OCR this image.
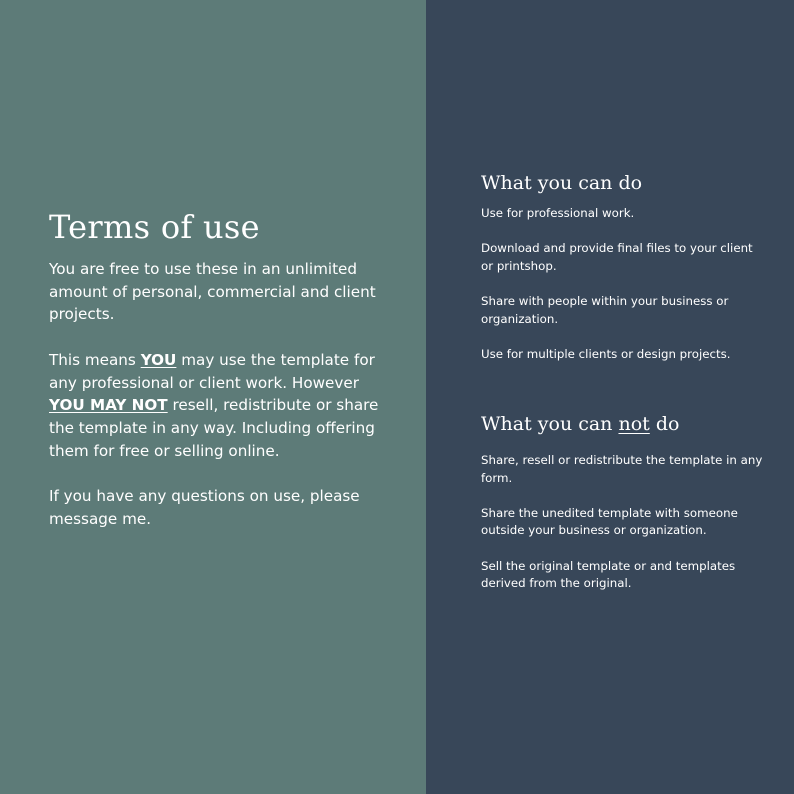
Terms of use

You are free to use these in an unlimited amount of personal, commercial and client projects.

This means YOU may use the template for any professional or client work. However YOU MAY NOT resell, redistribute or share the template in any way. Including offering them for free or selling online.

If you have any questions on use, please message me.

What you can do

Use for professional work.

Download and provide final files to your client or printshop.

Share with people within your business or organization.

Use for multiple clients or design projects.

What you can not do

Share, resell or redistribute the template in any form.

Share the unedited template with someone outside your business or organization.

Sell the original template or and templates derived from the original.
